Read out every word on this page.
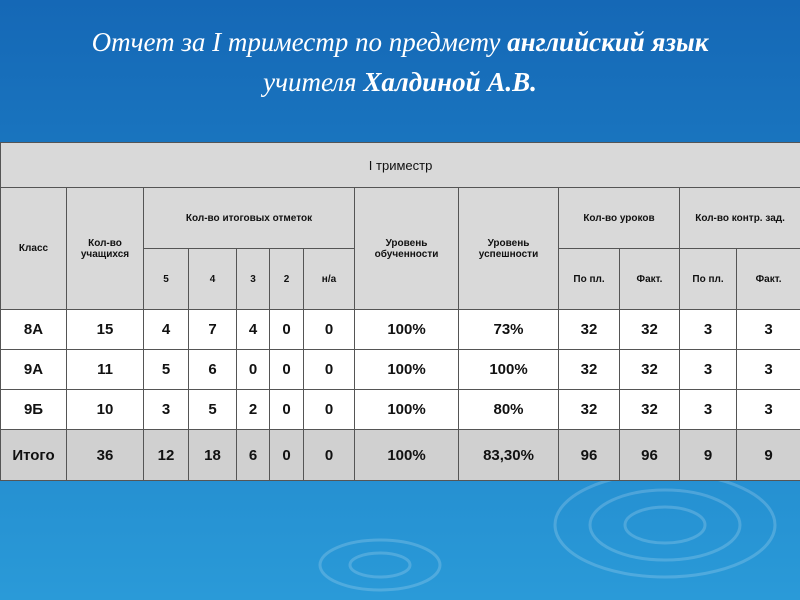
Отчет за I триместр по предмету английский язык
учителя Халдиной А.В.
I триместр												
Класс	Кол-во учащихся	Кол-во итоговых отметок					Уровень обученности	Уровень успешности	Кол-во уроков		Кол-во контр. зад.	
		5	4	3	2	н/а			По пл.	Факт.	По пл.	Факт.
8А	15	4	7	4	0	0	100%	73%	32	32	3	3
9А	11	5	6	0	0	0	100%	100%	32	32	3	3
9Б	10	3	5	2	0	0	100%	80%	32	32	3	3
Итого	36	12	18	6	0	0	100%	83,30%	96	96	9	9
